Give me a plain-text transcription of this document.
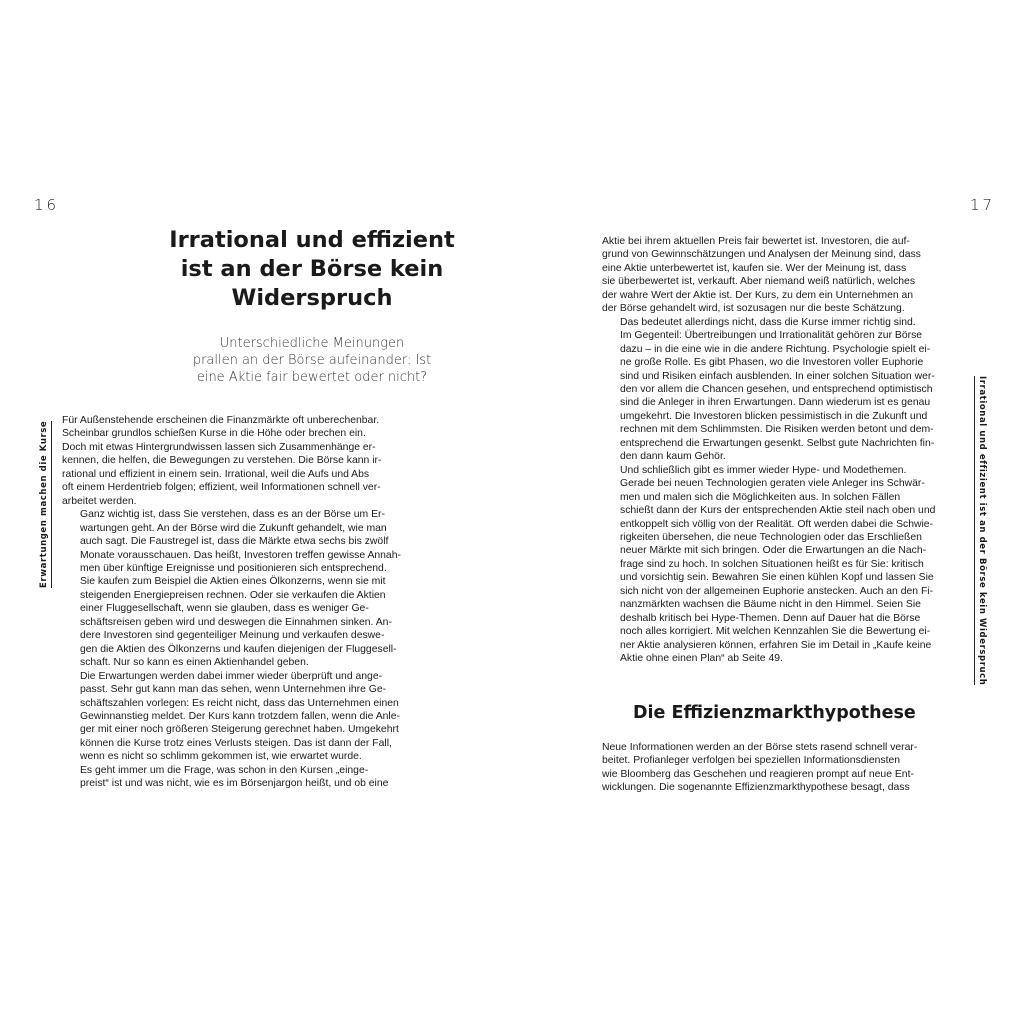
16	17
Erwartungen machen die Kurse	Irrational und effizient ist an der Börse kein Widerspruch
Irrational und effizient
ist an der Börse kein
Widerspruch
Unterschiedliche Meinungen
prallen an der Börse aufeinander: Ist
eine Aktie fair bewertet oder nicht?

Für Außenstehende erscheinen die Finanzmärkte oft unberechenbar.
Scheinbar grundlos schießen Kurse in die Höhe oder brechen ein.
Doch mit etwas Hintergrundwissen lassen sich Zusammenhänge er-
kennen, die helfen, die Bewegungen zu verstehen. Die Börse kann ir-
rational und effizient in einem sein. Irrational, weil die Aufs und Abs
oft einem Herdentrieb folgen; effizient, weil Informationen schnell ver-
arbeitet werden.

Ganz wichtig ist, dass Sie verstehen, dass es an der Börse um Er-
wartungen geht. An der Börse wird die Zukunft gehandelt, wie man
auch sagt. Die Faustregel ist, dass die Märkte etwa sechs bis zwölf
Monate vorausschauen. Das heißt, Investoren treffen gewisse Annah-
men über künftige Ereignisse und positionieren sich entsprechend.
Sie kaufen zum Beispiel die Aktien eines Ölkonzerns, wenn sie mit
steigenden Energiepreisen rechnen. Oder sie verkaufen die Aktien
einer Fluggesellschaft, wenn sie glauben, dass es weniger Ge-
schäftsreisen geben wird und deswegen die Einnahmen sinken. An-
dere Investoren sind gegenteiliger Meinung und verkaufen deswe-
gen die Aktien des Ölkonzerns und kaufen diejenigen der Fluggesell-
schaft. Nur so kann es einen Aktienhandel geben.

Die Erwartungen werden dabei immer wieder überprüft und ange-
passt. Sehr gut kann man das sehen, wenn Unternehmen ihre Ge-
schäftszahlen vorlegen: Es reicht nicht, dass das Unternehmen einen
Gewinnanstieg meldet. Der Kurs kann trotzdem fallen, wenn die Anle-
ger mit einer noch größeren Steigerung gerechnet haben. Umgekehrt
können die Kurse trotz eines Verlusts steigen. Das ist dann der Fall,
wenn es nicht so schlimm gekommen ist, wie erwartet wurde.

Es geht immer um die Frage, was schon in den Kursen „einge-
preist“ ist und was nicht, wie es im Börsenjargon heißt, und ob eine

Aktie bei ihrem aktuellen Preis fair bewertet ist. Investoren, die auf-
grund von Gewinnschätzungen und Analysen der Meinung sind, dass
eine Aktie unterbewertet ist, kaufen sie. Wer der Meinung ist, dass
sie überbewertet ist, verkauft. Aber niemand weiß natürlich, welches
der wahre Wert der Aktie ist. Der Kurs, zu dem ein Unternehmen an
der Börse gehandelt wird, ist sozusagen nur die beste Schätzung.

Das bedeutet allerdings nicht, dass die Kurse immer richtig sind.
Im Gegenteil: Übertreibungen und Irrationalität gehören zur Börse
dazu – in die eine wie in die andere Richtung. Psychologie spielt ei-
ne große Rolle. Es gibt Phasen, wo die Investoren voller Euphorie
sind und Risiken einfach ausblenden. In einer solchen Situation wer-
den vor allem die Chancen gesehen, und entsprechend optimistisch
sind die Anleger in ihren Erwartungen. Dann wiederum ist es genau
umgekehrt. Die Investoren blicken pessimistisch in die Zukunft und
rechnen mit dem Schlimmsten. Die Risiken werden betont und dem-
entsprechend die Erwartungen gesenkt. Selbst gute Nachrichten fin-
den dann kaum Gehör.

Und schließlich gibt es immer wieder Hype- und Modethemen.
Gerade bei neuen Technologien geraten viele Anleger ins Schwär-
men und malen sich die Möglichkeiten aus. In solchen Fällen
schießt dann der Kurs der entsprechenden Aktie steil nach oben und
entkoppelt sich völlig von der Realität. Oft werden dabei die Schwie-
rigkeiten übersehen, die neue Technologien oder das Erschließen
neuer Märkte mit sich bringen. Oder die Erwartungen an die Nach-
frage sind zu hoch. In solchen Situationen heißt es für Sie: kritisch
und vorsichtig sein. Bewahren Sie einen kühlen Kopf und lassen Sie
sich nicht von der allgemeinen Euphorie anstecken. Auch an den Fi-
nanzmärkten wachsen die Bäume nicht in den Himmel. Seien Sie
deshalb kritisch bei Hype-Themen. Denn auf Dauer hat die Börse
noch alles korrigiert. Mit welchen Kennzahlen Sie die Bewertung ei-
ner Aktie analysieren können, erfahren Sie im Detail in „Kaufe keine
Aktie ohne einen Plan“ ab Seite 49.

Die Effizienzmarkthypothese

Neue Informationen werden an der Börse stets rasend schnell verar-
beitet. Profianleger verfolgen bei speziellen Informationsdiensten
wie Bloomberg das Geschehen und reagieren prompt auf neue Ent-
wicklungen. Die sogenannte Effizienzmarkthypothese besagt, dass
